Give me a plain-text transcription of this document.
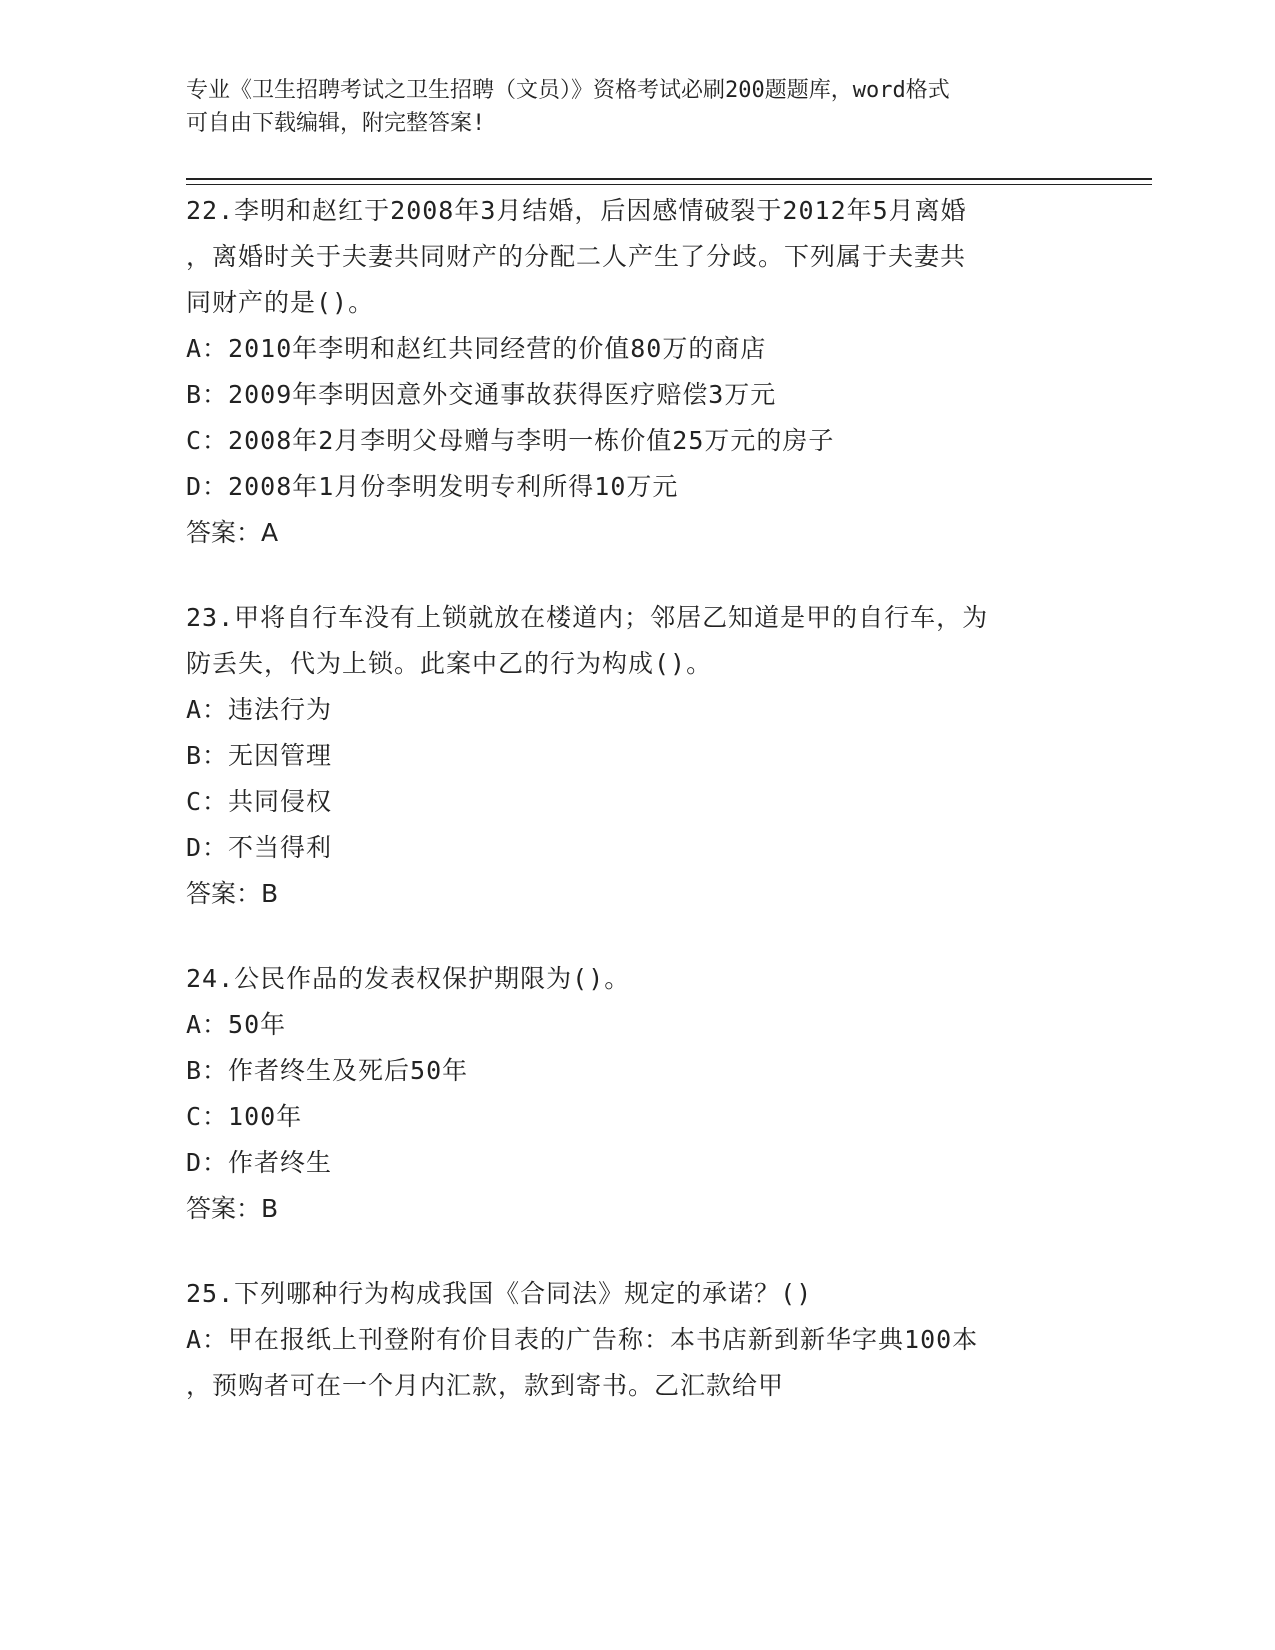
专业《卫生招聘考试之卫生招聘（文员）》资格考试必刷200题题库，word格式
可自由下载编辑，附完整答案!
22.李明和赵红于2008年3月结婚，后因感情破裂于2012年5月离婚
，离婚时关于夫妻共同财产的分配二人产生了分歧。下列属于夫妻共
同财产的是()。
A：2010年李明和赵红共同经营的价值80万的商店
B：2009年李明因意外交通事故获得医疗赔偿3万元
C：2008年2月李明父母赠与李明一栋价值25万元的房子
D：2008年1月份李明发明专利所得10万元
答案：A
23.甲将自行车没有上锁就放在楼道内；邻居乙知道是甲的自行车，为
防丢失，代为上锁。此案中乙的行为构成()。
A：违法行为
B：无因管理
C：共同侵权
D：不当得利
答案：B
24.公民作品的发表权保护期限为()。
A：50年
B：作者终生及死后50年
C：100年
D：作者终生
答案：B
25.下列哪种行为构成我国《合同法》规定的承诺？()
A：甲在报纸上刊登附有价目表的广告称：本书店新到新华字典100本
，预购者可在一个月内汇款，款到寄书。乙汇款给甲
